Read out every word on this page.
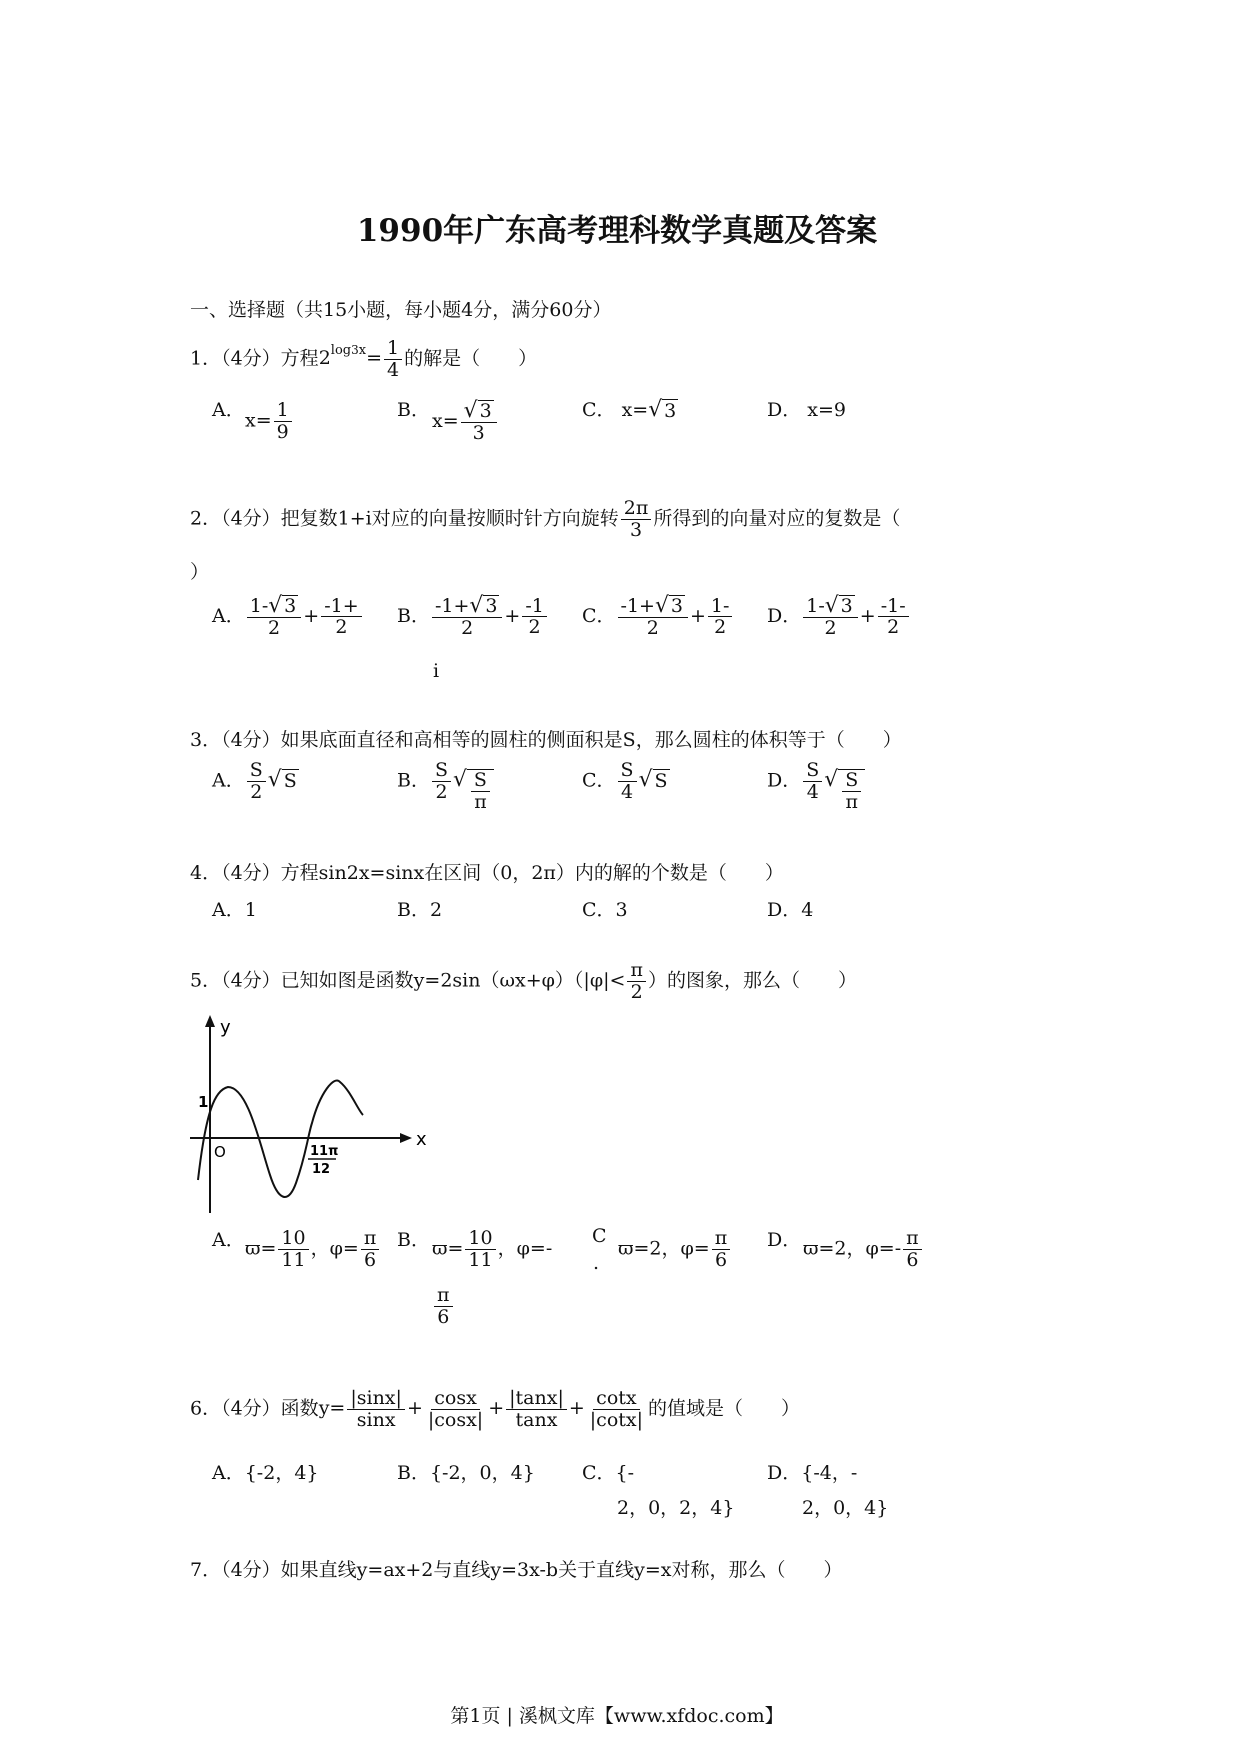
1990年广东高考理科数学真题及答案
一、选择题（共15小题，每小题4分，满分60分）
1．（4分）方程$2^{log3x}= \frac{1}{4}$ 的解是（　　）
A． $x= \frac{1}{9}$	B． $x= \frac{√ 3}{3}$	C． x= √ 3	D． x=9
2．（4分）把复数1+i对应的向量按顺时针方向旋转 $\frac{2\pi}{3}$ 所得到的向量对应的复数是（
）
A． $\frac{1- √ 3}{2} + \frac{-1+}{2}$ B． $\frac{-1+ √ 3}{2} + \frac{-1}{2}$
i
C． $\frac{-1+ √ 3}{2} + \frac{1-}{2}$ D． $\frac{1- √ 3}{2} + \frac{-1-}{2}$
3．（4分）如果底面直径和高相等的圆柱的侧面积是S，那么圆柱的体积等于（　　）
A． $\frac{S}{2}$ √ S	B． $\frac{S}{2}$ √ $\frac{S}{\pi}$	C． $\frac{S}{4}$ √ S	D． $\frac{S}{4}$ √ $\frac{S}{\pi}$
4．（4分）方程sin2x=sinx在区间（0，2π）内的解的个数是（　　）
A．1	B．2	C．3	D．4
5．（4分）已知如图是函数$y=2\sin(\omega x+\varphi)(|\varphi|< \frac{\pi}{2}$ ）的图象，那么（　　）
y
x
1
O	11π
12
A． $ϖ= \frac{10}{11}$ ，$\varphi= \frac{\pi}{6}$ B． $ϖ= \frac{10}{11}$ ，φ=-
$\frac{\pi}{6}$
C
.
ϖ=2，$\varphi= \frac{\pi}{6}$ D． ϖ=2，$\varphi=- \frac{\pi}{6}$
6．（4分）函数$y= \frac{|\sin x|}{\sin x} + \frac{\cos x}{|\cos x|} + \frac{|\tan x|}{\tan x} + \frac{\cot x}{|\cot x|}$ 的值域是（　　）
A．{-2，4}	B．{-2，0，4} C．{-
2，0，2，4}
D．{-4，-
2，0，4}
7．（4分）如果直线y=ax+2与直线y=3x-b关于直线y=x对称，那么（　　）
第1页 | 溪枫文库【www.xfdoc.com】
